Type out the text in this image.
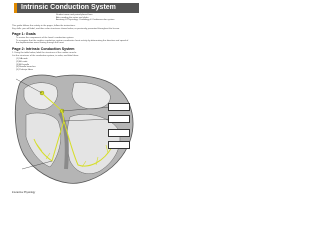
Intrinsic Conduction System
Student name and period placed here
After reading the notes and slides
Anatomy & Physiology: Cardiology & Cardiovascular system
This guide follows the activity in the pages, follow the instructions.
Key skills: you will label, and then color structures shown below, as previously presented throughout the lesson.
Page 1: Goals
To review the components of the heart's conduction system.
To recognize that the cardiac conduction system coordinates heart activity by determining the direction and speed of
the depolarization wave flowing through the heart.
Page 2: Intrinsic Conduction System
1. Using the table below, label the structures of the cardiac muscle.
List the structures of the conduction system, in order, and label them:
(1) SA node
(2) AV node
(3) AV bundle
(4) Bundle branches
(5) Purkinje fibers
Interactive Physiology
